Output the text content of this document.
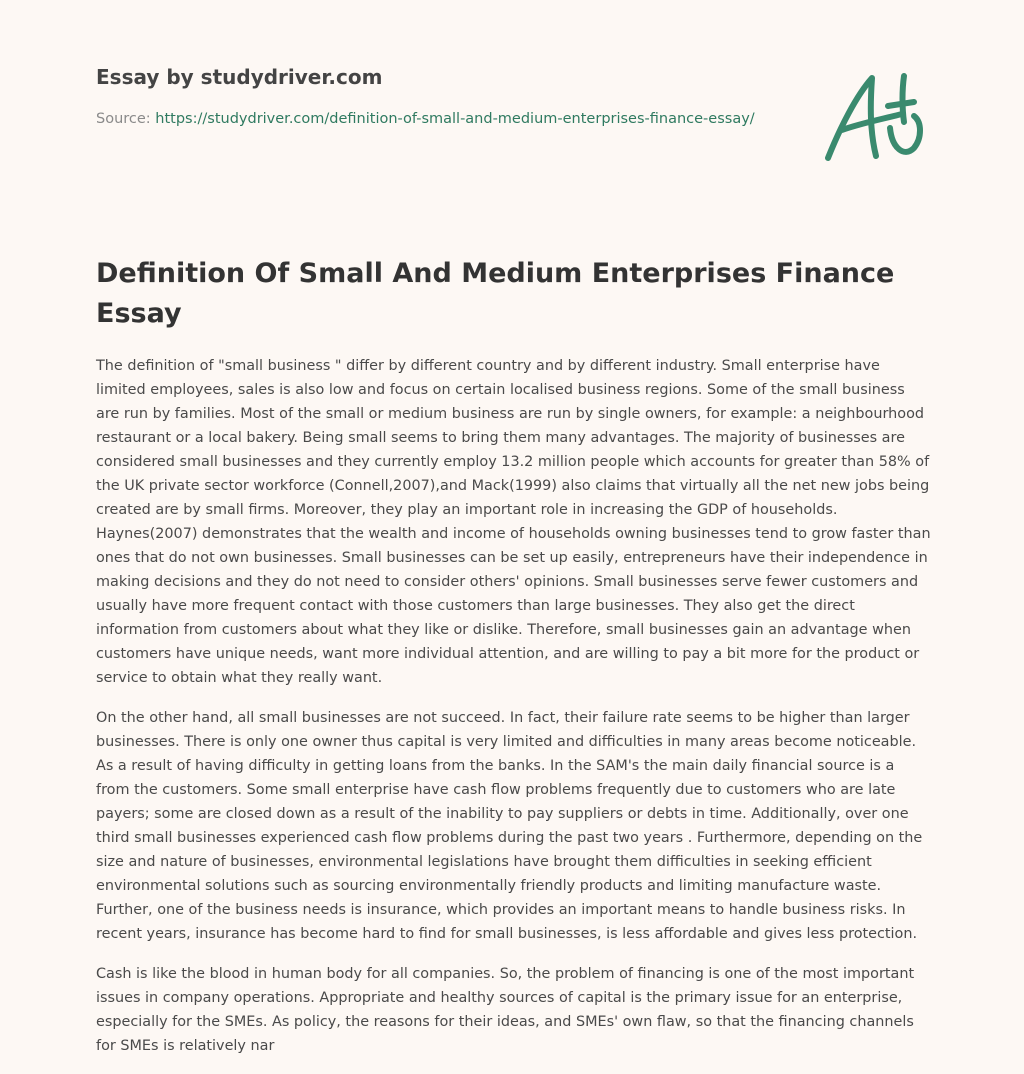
Essay by studydriver.com
Source: https://studydriver.com/definition-of-small-and-medium-enterprises-finance-essay/
Definition Of Small And Medium Enterprises Finance Essay

The definition of "small business " differ by different country and by different industry. Small enterprise have limited employees, sales is also low and focus on certain localised business regions. Some of the small business are run by families. Most of the small or medium business are run by single owners, for example: a neighbourhood restaurant or a local bakery. Being small seems to bring them many advantages. The majority of businesses are considered small businesses and they currently employ 13.2 million people which accounts for greater than 58% of the UK private sector workforce (Connell,2007),and Mack(1999) also claims that virtually all the net new jobs being created are by small firms. Moreover, they play an important role in increasing the GDP of households. Haynes(2007) demonstrates that the wealth and income of households owning businesses tend to grow faster than ones that do not own businesses. Small businesses can be set up easily, entrepreneurs have their independence in making decisions and they do not need to consider others' opinions. Small businesses serve fewer customers and usually have more frequent contact with those customers than large businesses. They also get the direct information from customers about what they like or dislike. Therefore, small businesses gain an advantage when customers have unique needs, want more individual attention, and are willing to pay a bit more for the product or service to obtain what they really want.

On the other hand, all small businesses are not succeed. In fact, their failure rate seems to be higher than larger businesses. There is only one owner thus capital is very limited and difficulties in many areas become noticeable. As a result of having difficulty in getting loans from the banks. In the SAM's the main daily financial source is a from the customers. Some small enterprise have cash flow problems frequently due to customers who are late payers; some are closed down as a result of the inability to pay suppliers or debts in time. Additionally, over one third small businesses experienced cash flow problems during the past two years . Furthermore, depending on the size and nature of businesses, environmental legislations have brought them difficulties in seeking efficient environmental solutions such as sourcing environmentally friendly products and limiting manufacture waste. Further, one of the business needs is insurance, which provides an important means to handle business risks. In recent years, insurance has become hard to find for small businesses, is less affordable and gives less protection.

Cash is like the blood in human body for all companies. So, the problem of financing is one of the most important issues in company operations. Appropriate and healthy sources of capital is the primary issue for an enterprise, especially for the SMEs. As policy, the reasons for their ideas, and SMEs' own flaw, so that the financing channels for SMEs is relatively nar
